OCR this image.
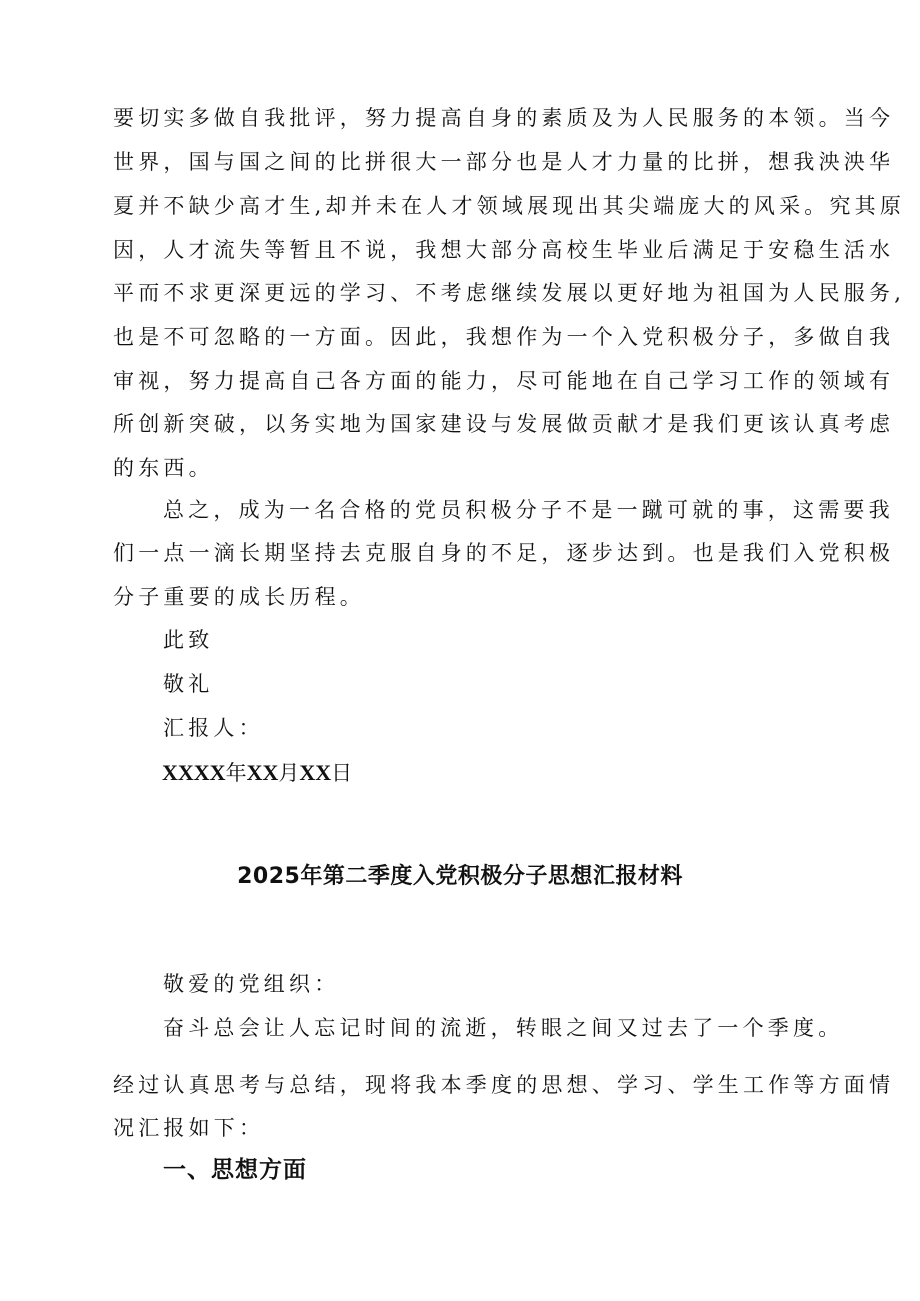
要切实多做自我批评，努力提高自身的素质及为人民服务的本领。当今
世界，国与国之间的比拼很大一部分也是人才力量的比拼，想我泱泱华
夏并不缺少高才生,却并未在人才领域展现出其尖端庞大的风采。究其原
因，人才流失等暂且不说，我想大部分高校生毕业后满足于安稳生活水
平而不求更深更远的学习、不考虑继续发展以更好地为祖国为人民服务,
也是不可忽略的一方面。因此，我想作为一个入党积极分子，多做自我
审视，努力提高自己各方面的能力，尽可能地在自己学习工作的领域有
所创新突破，以务实地为国家建设与发展做贡献才是我们更该认真考虑
的东西。
总之，成为一名合格的党员积极分子不是一蹴可就的事，这需要我
们一点一滴长期坚持去克服自身的不足，逐步达到。也是我们入党积极
分子重要的成长历程。
此致
敬礼
汇报人：
XXXX年XX月XX日
2025年第二季度入党积极分子思想汇报材料
敬爱的党组织：
奋斗总会让人忘记时间的流逝，转眼之间又过去了一个季度。
经过认真思考与总结，现将我本季度的思想、学习、学生工作等方面情
况汇报如下：
一、思想方面
